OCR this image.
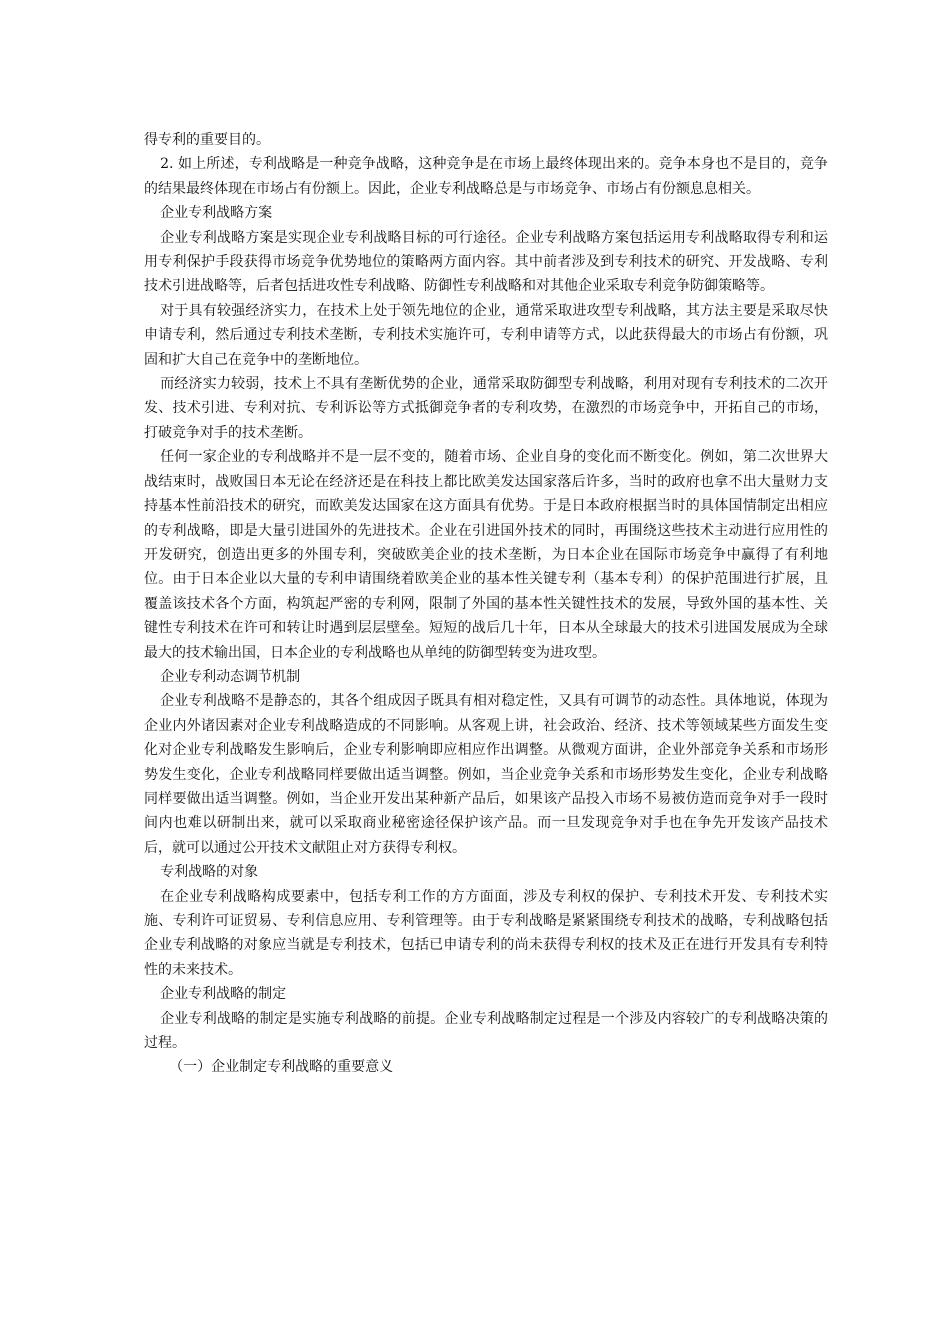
得专利的重要目的。

2. 如上所述，专利战略是一种竞争战略，这种竞争是在市场上最终体现出来的。竞争本身也不是目的，竞争的结果最终体现在市场占有份额上。因此，企业专利战略总是与市场竞争、市场占有份额息息相关。

企业专利战略方案

企业专利战略方案是实现企业专利战略目标的可行途径。企业专利战略方案包括运用专利战略取得专利和运用专利保护手段获得市场竞争优势地位的策略两方面内容。其中前者涉及到专利技术的研究、开发战略、专利技术引进战略等，后者包括进攻性专利战略、防御性专利战略和对其他企业采取专利竞争防御策略等。

对于具有较强经济实力，在技术上处于领先地位的企业，通常采取进攻型专利战略，其方法主要是采取尽快申请专利，然后通过专利技术垄断，专利技术实施许可，专利申请等方式，以此获得最大的市场占有份额，巩固和扩大自己在竞争中的垄断地位。

而经济实力较弱，技术上不具有垄断优势的企业，通常采取防御型专利战略，利用对现有专利技术的二次开发、技术引进、专利对抗、专利诉讼等方式抵御竞争者的专利攻势，在激烈的市场竞争中，开拓自己的市场，打破竞争对手的技术垄断。

任何一家企业的专利战略并不是一层不变的，随着市场、企业自身的变化而不断变化。例如，第二次世界大战结束时，战败国日本无论在经济还是在科技上都比欧美发达国家落后许多，当时的政府也拿不出大量财力支持基本性前沿技术的研究，而欧美发达国家在这方面具有优势。于是日本政府根据当时的具体国情制定出相应的专利战略，即是大量引进国外的先进技术。企业在引进国外技术的同时，再围绕这些技术主动进行应用性的开发研究，创造出更多的外围专利，突破欧美企业的技术垄断，为日本企业在国际市场竞争中赢得了有利地位。由于日本企业以大量的专利申请围绕着欧美企业的基本性关键专利（基本专利）的保护范围进行扩展，且覆盖该技术各个方面，构筑起严密的专利网，限制了外国的基本性关键性技术的发展，导致外国的基本性、关键性专利技术在许可和转让时遇到层层壁垒。短短的战后几十年，日本从全球最大的技术引进国发展成为全球最大的技术输出国，日本企业的专利战略也从单纯的防御型转变为进攻型。

企业专利动态调节机制

企业专利战略不是静态的，其各个组成因子既具有相对稳定性，又具有可调节的动态性。具体地说，体现为企业内外诸因素对企业专利战略造成的不同影响。从客观上讲，社会政治、经济、技术等领域某些方面发生变化对企业专利战略发生影响后，企业专利影响即应相应作出调整。从微观方面讲，企业外部竞争关系和市场形势发生变化，企业专利战略同样要做出适当调整。例如，当企业竞争关系和市场形势发生变化，企业专利战略同样要做出适当调整。例如，当企业开发出某种新产品后，如果该产品投入市场不易被仿造而竞争对手一段时间内也难以研制出来，就可以采取商业秘密途径保护该产品。而一旦发现竞争对手也在争先开发该产品技术后，就可以通过公开技术文献阻止对方获得专利权。

专利战略的对象

在企业专利战略构成要素中，包括专利工作的方方面面，涉及专利权的保护、专利技术开发、专利技术实施、专利许可证贸易、专利信息应用、专利管理等。由于专利战略是紧紧围绕专利技术的战略，专利战略包括企业专利战略的对象应当就是专利技术，包括已申请专利的尚未获得专利权的技术及正在进行开发具有专利特性的未来技术。

企业专利战略的制定

企业专利战略的制定是实施专利战略的前提。企业专利战略制定过程是一个涉及内容较广的专利战略决策的过程。

（一）企业制定专利战略的重要意义
